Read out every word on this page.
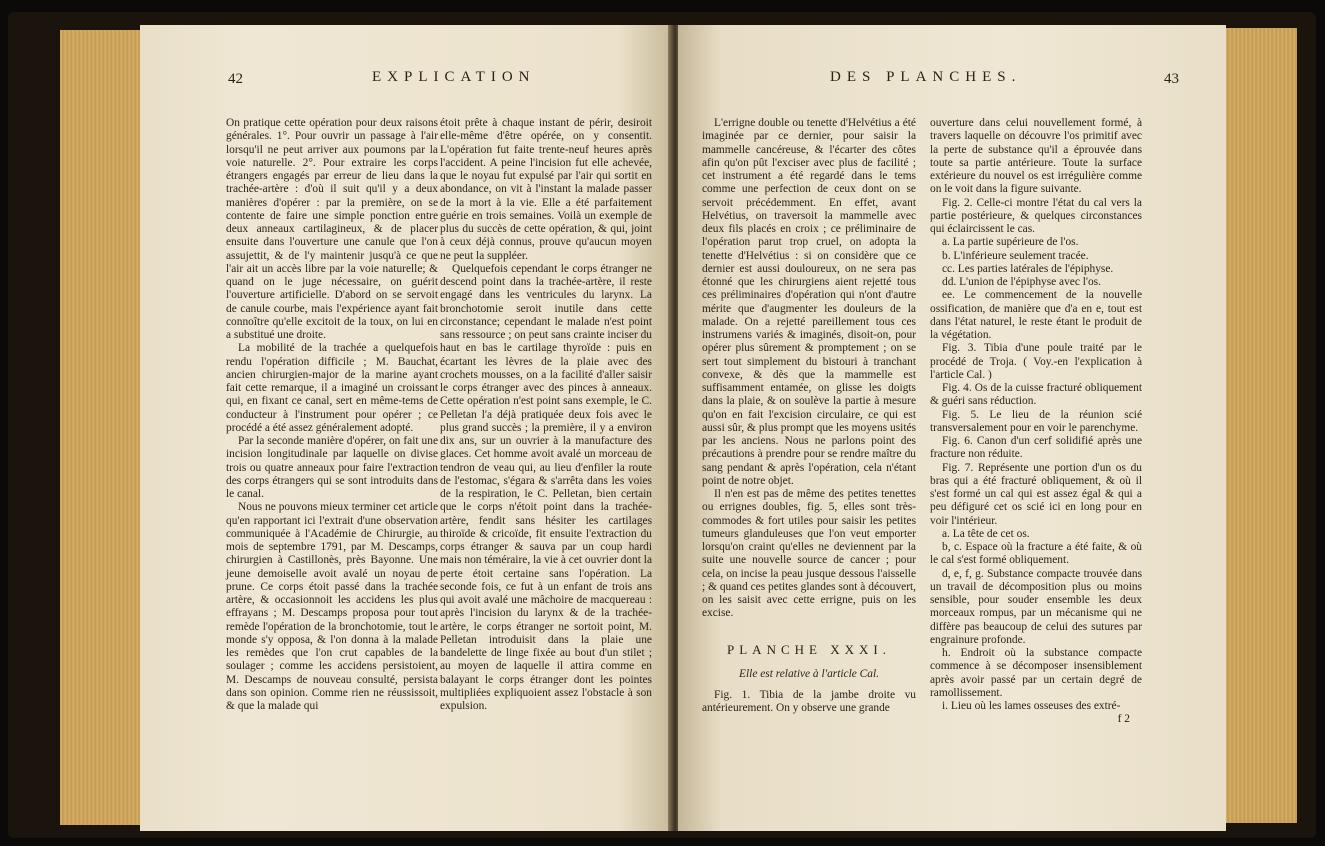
42	EXPLICATION

On pratique cette opération pour deux raisons générales. 1°. Pour ouvrir un passage à l'air lorsqu'il ne peut arriver aux poumons par la voie naturelle. 2°. Pour extraire les corps étrangers engagés par erreur de lieu dans la trachée-artère : d'où il suit qu'il y a deux manières d'opérer : par la première, on se contente de faire une simple ponction entre deux anneaux cartilagineux, & de placer ensuite dans l'ouverture une canule que l'on assujettit, & de l'y maintenir jusqu'à ce que l'air ait un accès libre par la voie naturelle; & quand on le juge nécessaire, on guérit l'ouverture artificielle. D'abord on se servoit de canule courbe, mais l'expérience ayant fait connoître qu'elle excitoit de la toux, on lui en a substitué une droite.

La mobilité de la trachée a quelquefois rendu l'opération difficile ; M. Bauchat, ancien chirurgien-major de la marine ayant fait cette remarque, il a imaginé un croissant qui, en fixant ce canal, sert en même-tems de conducteur à l'instrument pour opérer ; ce procédé a été assez généralement adopté.

Par la seconde manière d'opérer, on fait une incision longitudinale par laquelle on divise trois ou quatre anneaux pour faire l'extraction des corps étrangers qui se sont introduits dans le canal.

Nous ne pouvons mieux terminer cet article qu'en rapportant ici l'extrait d'une observation communiquée à l'Académie de Chirurgie, au mois de septembre 1791, par M. Descamps, chirurgien à Castillonès, près Bayonne. Une jeune demoiselle avoit avalé un noyau de prune. Ce corps étoit passé dans la trachée artère, & occasionnoit les accidens les plus effrayans ; M. Descamps proposa pour tout remède l'opération de la bronchotomie, tout le monde s'y opposa, & l'on donna à la malade les remèdes que l'on crut capables de la soulager ; comme les accidens persistoient, M. Descamps de nouveau consulté, persista dans son opinion. Comme rien ne réussissoit, & que la malade qui

étoit prête à chaque instant de périr, desiroit elle-même d'être opérée, on y consentit. L'opération fut faite trente-neuf heures après l'accident. A peine l'incision fut elle achevée, que le noyau fut expulsé par l'air qui sortit en abondance, on vit à l'instant la malade passer de la mort à la vie. Elle a été parfaitement guérie en trois semaines. Voilà un exemple de plus du succès de cette opération, & qui, joint à ceux déjà connus, prouve qu'aucun moyen ne peut la suppléer.

Quelquefois cependant le corps étranger ne descend point dans la trachée-artère, il reste engagé dans les ventricules du larynx. La bronchotomie seroit inutile dans cette circonstance; cependant le malade n'est point sans ressource ; on peut sans crainte inciser du haut en bas le cartilage thyroïde : puis en écartant les lèvres de la plaie avec des crochets mousses, on a la facilité d'aller saisir le corps étranger avec des pinces à anneaux. Cette opération n'est point sans exemple, le C. Pelletan l'a déjà pratiquée deux fois avec le plus grand succès ; la première, il y a environ dix ans, sur un ouvrier à la manufacture des glaces. Cet homme avoit avalé un morceau de tendron de veau qui, au lieu d'enfiler la route de l'estomac, s'égara & s'arrêta dans les voies de la respiration, le C. Pelletan, bien certain que le corps n'étoit point dans la trachée-artère, fendit sans hésiter les cartilages thiroïde & cricoïde, fit ensuite l'extraction du corps étranger & sauva par un coup hardi mais non téméraire, la vie à cet ouvrier dont la perte étoit certaine sans l'opération. La seconde fois, ce fut à un enfant de trois ans qui avoit avalé une mâchoire de macquereau : après l'incision du larynx & de la trachée-artère, le corps étranger ne sortoit point, M. Pelletan introduisit dans la plaie une bandelette de linge fixée au bout d'un stilet ; au moyen de laquelle il attira comme en balayant le corps étranger dont les pointes multipliées expliquoient assez l'obstacle à son expulsion.

DES PLANCHES.	43

L'errigne double ou tenette d'Helvétius a été imaginée par ce dernier, pour saisir la mammelle cancéreuse, & l'écarter des côtes afin qu'on pût l'exciser avec plus de facilité ; cet instrument a été regardé dans le tems comme une perfection de ceux dont on se servoit précédemment. En effet, avant Helvétius, on traversoit la mammelle avec deux fils placés en croix ; ce préliminaire de l'opération parut trop cruel, on adopta la tenette d'Helvétius : si on considère que ce dernier est aussi douloureux, on ne sera pas étonné que les chirurgiens aient rejetté tous ces préliminaires d'opération qui n'ont d'autre mérite que d'augmenter les douleurs de la malade. On a rejetté pareillement tous ces instrumens variés & imaginés, disoit-on, pour opérer plus sûrement & promptement ; on se sert tout simplement du bistouri à tranchant convexe, & dès que la mammelle est suffisamment entamée, on glisse les doigts dans la plaie, & on soulève la partie à mesure qu'on en fait l'excision circulaire, ce qui est aussi sûr, & plus prompt que les moyens usités par les anciens. Nous ne parlons point des précautions à prendre pour se rendre maître du sang pendant & après l'opération, cela n'étant point de notre objet.

Il n'en est pas de même des petites tenettes ou errignes doubles, fig. 5, elles sont très-commodes & fort utiles pour saisir les petites tumeurs glanduleuses que l'on veut emporter lorsqu'on craint qu'elles ne deviennent par la suite une nouvelle source de cancer ; pour cela, on incise la peau jusque dessous l'aisselle ; & quand ces petites glandes sont à découvert, on les saisit avec cette errigne, puis on les excise.

PLANCHE XXXI.

Elle est relative à l'article Cal.

Fig. 1. Tibia de la jambe droite vu antérieurement. On y observe une grande

ouverture dans celui nouvellement formé, à travers laquelle on découvre l'os primitif avec la perte de substance qu'il a éprouvée dans toute sa partie antérieure. Toute la surface extérieure du nouvel os est irrégulière comme on le voit dans la figure suivante.

Fig. 2. Celle-ci montre l'état du cal vers la partie postérieure, & quelques circonstances qui éclaircissent le cas.

a. La partie supérieure de l'os.

b. L'inférieure seulement tracée.

cc. Les parties latérales de l'épiphyse.

dd. L'union de l'épiphyse avec l'os.

ee. Le commencement de la nouvelle ossification, de manière que d'a en e, tout est dans l'état naturel, le reste étant le produit de la végétation.

Fig. 3. Tibia d'une poule traité par le procédé de Troja. ( Voy.-en l'explication à l'article Cal. )

Fig. 4. Os de la cuisse fracturé obliquement & guéri sans réduction.

Fig. 5. Le lieu de la réunion scié transversalement pour en voir le parenchyme.

Fig. 6. Canon d'un cerf solidifié après une fracture non réduite.

Fig. 7. Représente une portion d'un os du bras qui a été fracturé obliquement, & où il s'est formé un cal qui est assez égal & qui a peu défiguré cet os scié ici en long pour en voir l'intérieur.

a. La tête de cet os.

b, c. Espace où la fracture a été faite, & où le cal s'est formé obliquement.

d, e, f, g. Substance compacte trouvée dans un travail de décomposition plus ou moins sensible, pour souder ensemble les deux morceaux rompus, par un mécanisme qui ne diffère pas beaucoup de celui des sutures par engrainure profonde.

h. Endroit où la substance compacte commence à se décomposer insensiblement après avoir passé par un certain degré de ramollissement.

i. Lieu où les lames osseuses des extré-

f 2
